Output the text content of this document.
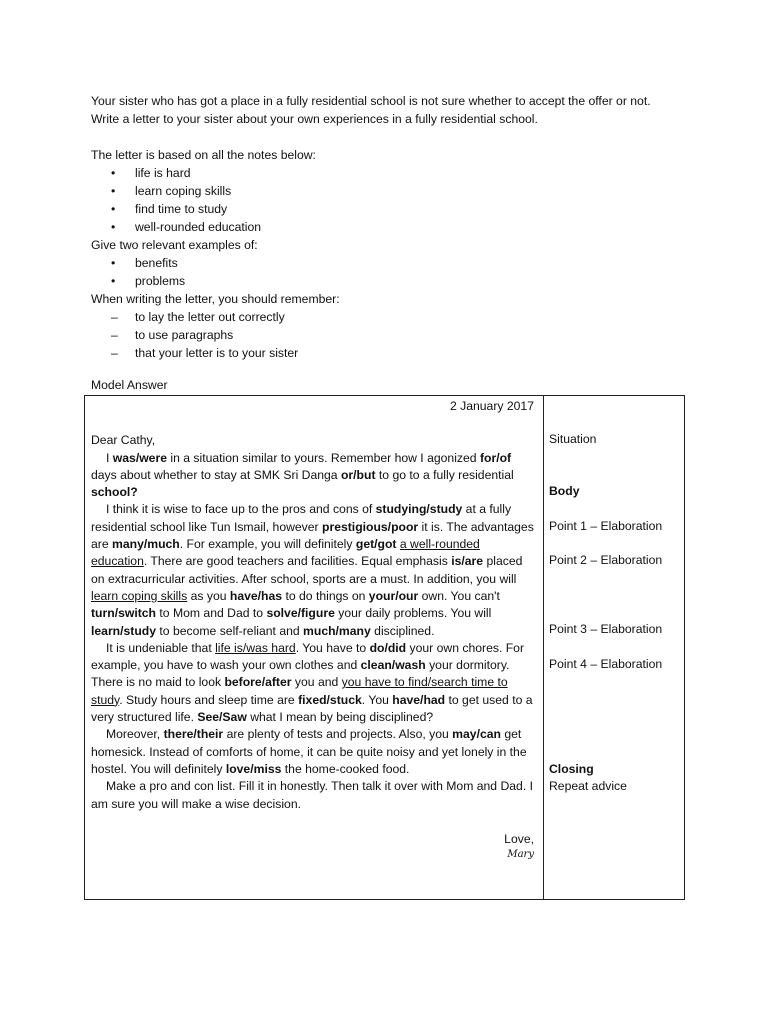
Your sister who has got a place in a fully residential school is not sure whether to accept the offer or not.
Write a letter to your sister about your own experiences in a fully residential school.
The letter is based on all the notes below:
• life is hard
• learn coping skills
• find time to study
• well-rounded education
Give two relevant examples of:
• benefits
• problems
When writing the letter, you should remember:
– to lay the letter out correctly
– to use paragraphs
– that your letter is to your sister
Model Answer
2 January 2017
Dear Cathy,

I was/were in a situation similar to yours. Remember how I agonized for/of days about whether to stay at SMK Sri Danga or/but to go to a fully residential school?

I think it is wise to face up to the pros and cons of studying/study at a fully residential school like Tun Ismail, however prestigious/poor it is. The advantages are many/much. For example, you will definitely get/got a well-rounded education. There are good teachers and facilities. Equal emphasis is/are placed on extracurricular activities. After school, sports are a must. In addition, you will learn coping skills as you have/has to do things on your/our own. You can't turn/switch to Mom and Dad to solve/figure your daily problems. You will learn/study to become self-reliant and much/many disciplined.

It is undeniable that life is/was hard. You have to do/did your own chores. For example, you have to wash your own clothes and clean/wash your dormitory. There is no maid to look before/after you and you have to find/search time to study. Study hours and sleep time are fixed/stuck. You have/had to get used to a very structured life. See/Saw what I mean by being disciplined?

Moreover, there/their are plenty of tests and projects. Also, you may/can get homesick. Instead of comforts of home, it can be quite noisy and yet lonely in the hostel. You will definitely love/miss the home-cooked food.

Make a pro and con list. Fill it in honestly. Then talk it over with Mom and Dad. I am sure you will make a wise decision.

Love,
Mary
Situation
Body
Point 1 – Elaboration
Point 2 – Elaboration
Point 3 – Elaboration
Point 4 – Elaboration
Closing
Repeat advice
